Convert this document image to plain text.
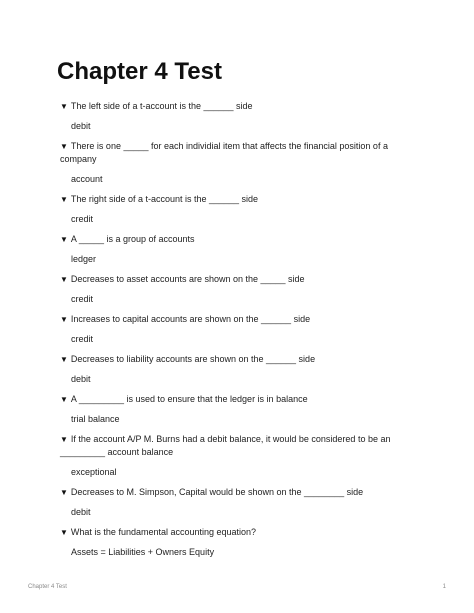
Chapter 4 Test
▼ The left side of a t-account is the ______ side
debit
▼ There is one _____ for each individial item that affects the financial position of a company
account
▼ The right side of a t-account is the ______ side
credit
▼ A _____ is a group of accounts
ledger
▼ Decreases to asset accounts are shown on the _____ side
credit
▼ Increases to capital accounts are shown on the ______ side
credit
▼ Decreases to liability accounts are shown on the ______ side
debit
▼ A _________ is used to ensure that the ledger is in balance
trial balance
▼ If the account A/P M. Burns had a debit balance, it would be considered to be an _________ account balance
exceptional
▼ Decreases to M. Simpson, Capital would be shown on the ________ side
debit
▼ What is the fundamental accounting equation?
Assets = Liabilities + Owners Equity
Chapter 4 Test	1
